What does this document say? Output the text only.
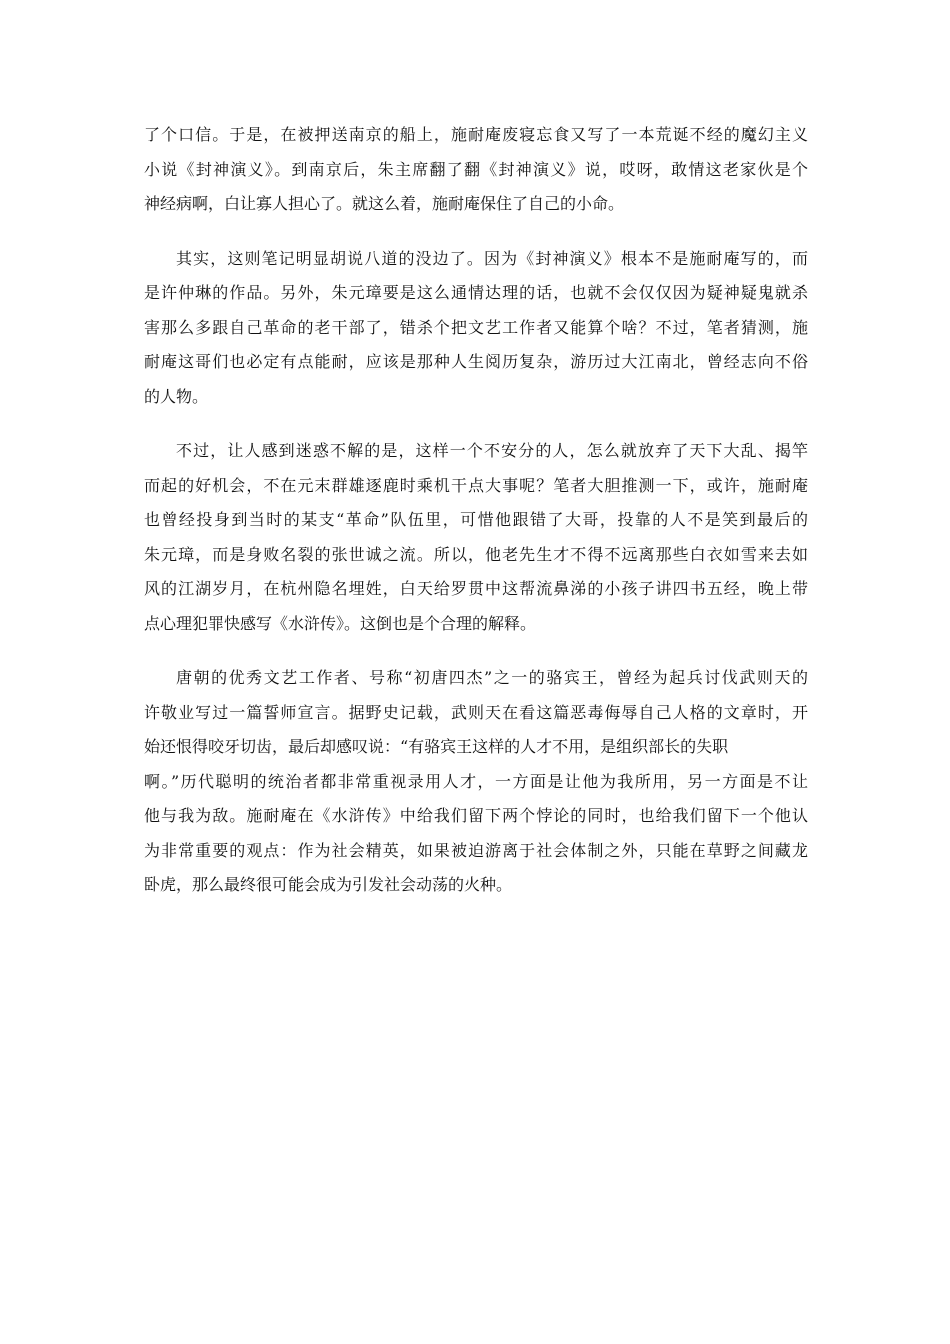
了个口信。于是，在被押送南京的船上，施耐庵废寝忘食又写了一本荒诞不经的魔幻主义
小说《封神演义》。到南京后，朱主席翻了翻《封神演义》说，哎呀，敢情这老家伙是个
神经病啊，白让寡人担心了。就这么着，施耐庵保住了自己的小命。
其实，这则笔记明显胡说八道的没边了。因为《封神演义》根本不是施耐庵写的，而
是许仲琳的作品。另外，朱元璋要是这么通情达理的话，也就不会仅仅因为疑神疑鬼就杀
害那么多跟自己革命的老干部了，错杀个把文艺工作者又能算个啥？不过，笔者猜测，施
耐庵这哥们也必定有点能耐，应该是那种人生阅历复杂，游历过大江南北，曾经志向不俗
的人物。
不过，让人感到迷惑不解的是，这样一个不安分的人，怎么就放弃了天下大乱、揭竿
而起的好机会，不在元末群雄逐鹿时乘机干点大事呢？笔者大胆推测一下，或许，施耐庵
也曾经投身到当时的某支“革命”队伍里，可惜他跟错了大哥，投靠的人不是笑到最后的
朱元璋，而是身败名裂的张世诚之流。所以，他老先生才不得不远离那些白衣如雪来去如
风的江湖岁月，在杭州隐名埋姓，白天给罗贯中这帮流鼻涕的小孩子讲四书五经，晚上带
点心理犯罪快感写《水浒传》。这倒也是个合理的解释。
唐朝的优秀文艺工作者、号称“初唐四杰”之一的骆宾王，曾经为起兵讨伐武则天的
许敬业写过一篇誓师宣言。据野史记载，武则天在看这篇恶毒侮辱自己人格的文章时，开
始还恨得咬牙切齿，最后却感叹说：“有骆宾王这样的人才不用，是组织部长的失职
啊。”历代聪明的统治者都非常重视录用人才，一方面是让他为我所用，另一方面是不让
他与我为敌。施耐庵在《水浒传》中给我们留下两个悖论的同时，也给我们留下一个他认
为非常重要的观点：作为社会精英，如果被迫游离于社会体制之外，只能在草野之间藏龙
卧虎，那么最终很可能会成为引发社会动荡的火种。
